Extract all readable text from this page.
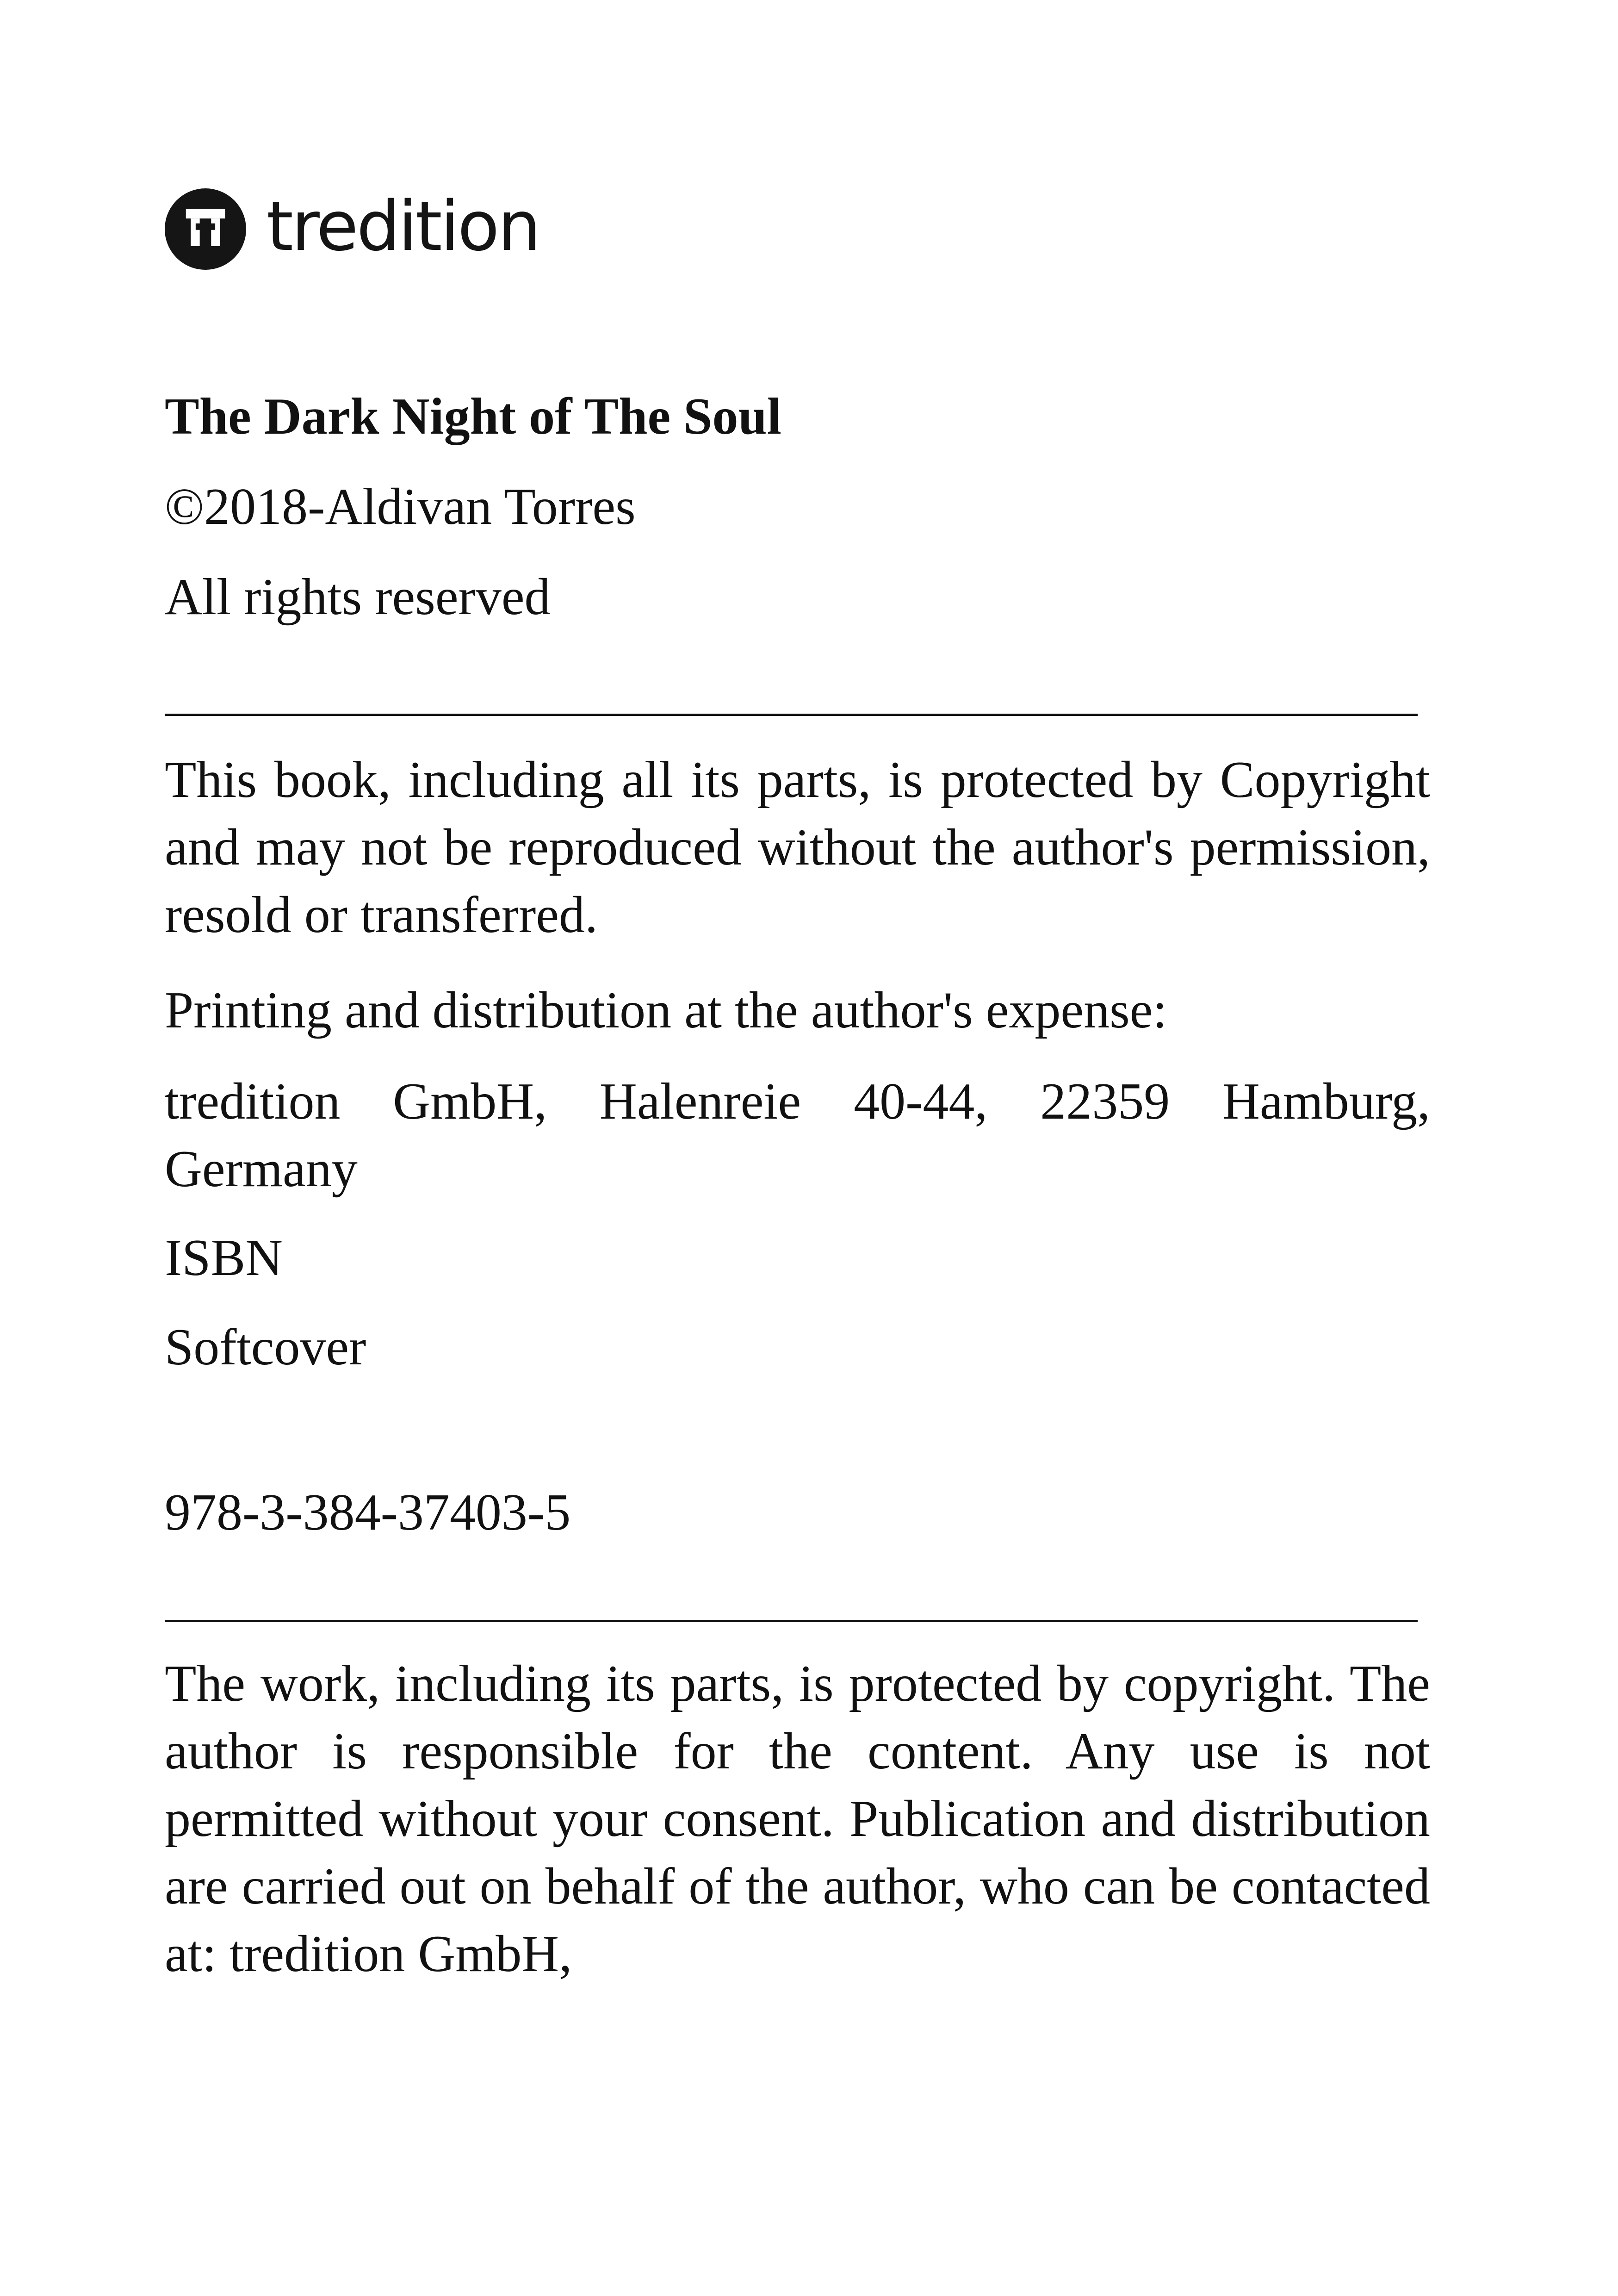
tredition
The Dark Night of The Soul
©2018-Aldivan Torres
All rights reserved
This book, including all its parts, is protected by Copyright and may not be reproduced without the author's permission, resold or transferred.
Printing and distribution at the author's expense:
tredition GmbH, Halenreie 40-44, 22359 Hamburg, Germany
ISBN
Softcover
978-3-384-37403-5
The work, including its parts, is protected by copyright. The author is responsible for the content. Any use is not permitted without your consent. Publication and distribution are carried out on behalf of the author, who can be contacted at: tredition GmbH,
